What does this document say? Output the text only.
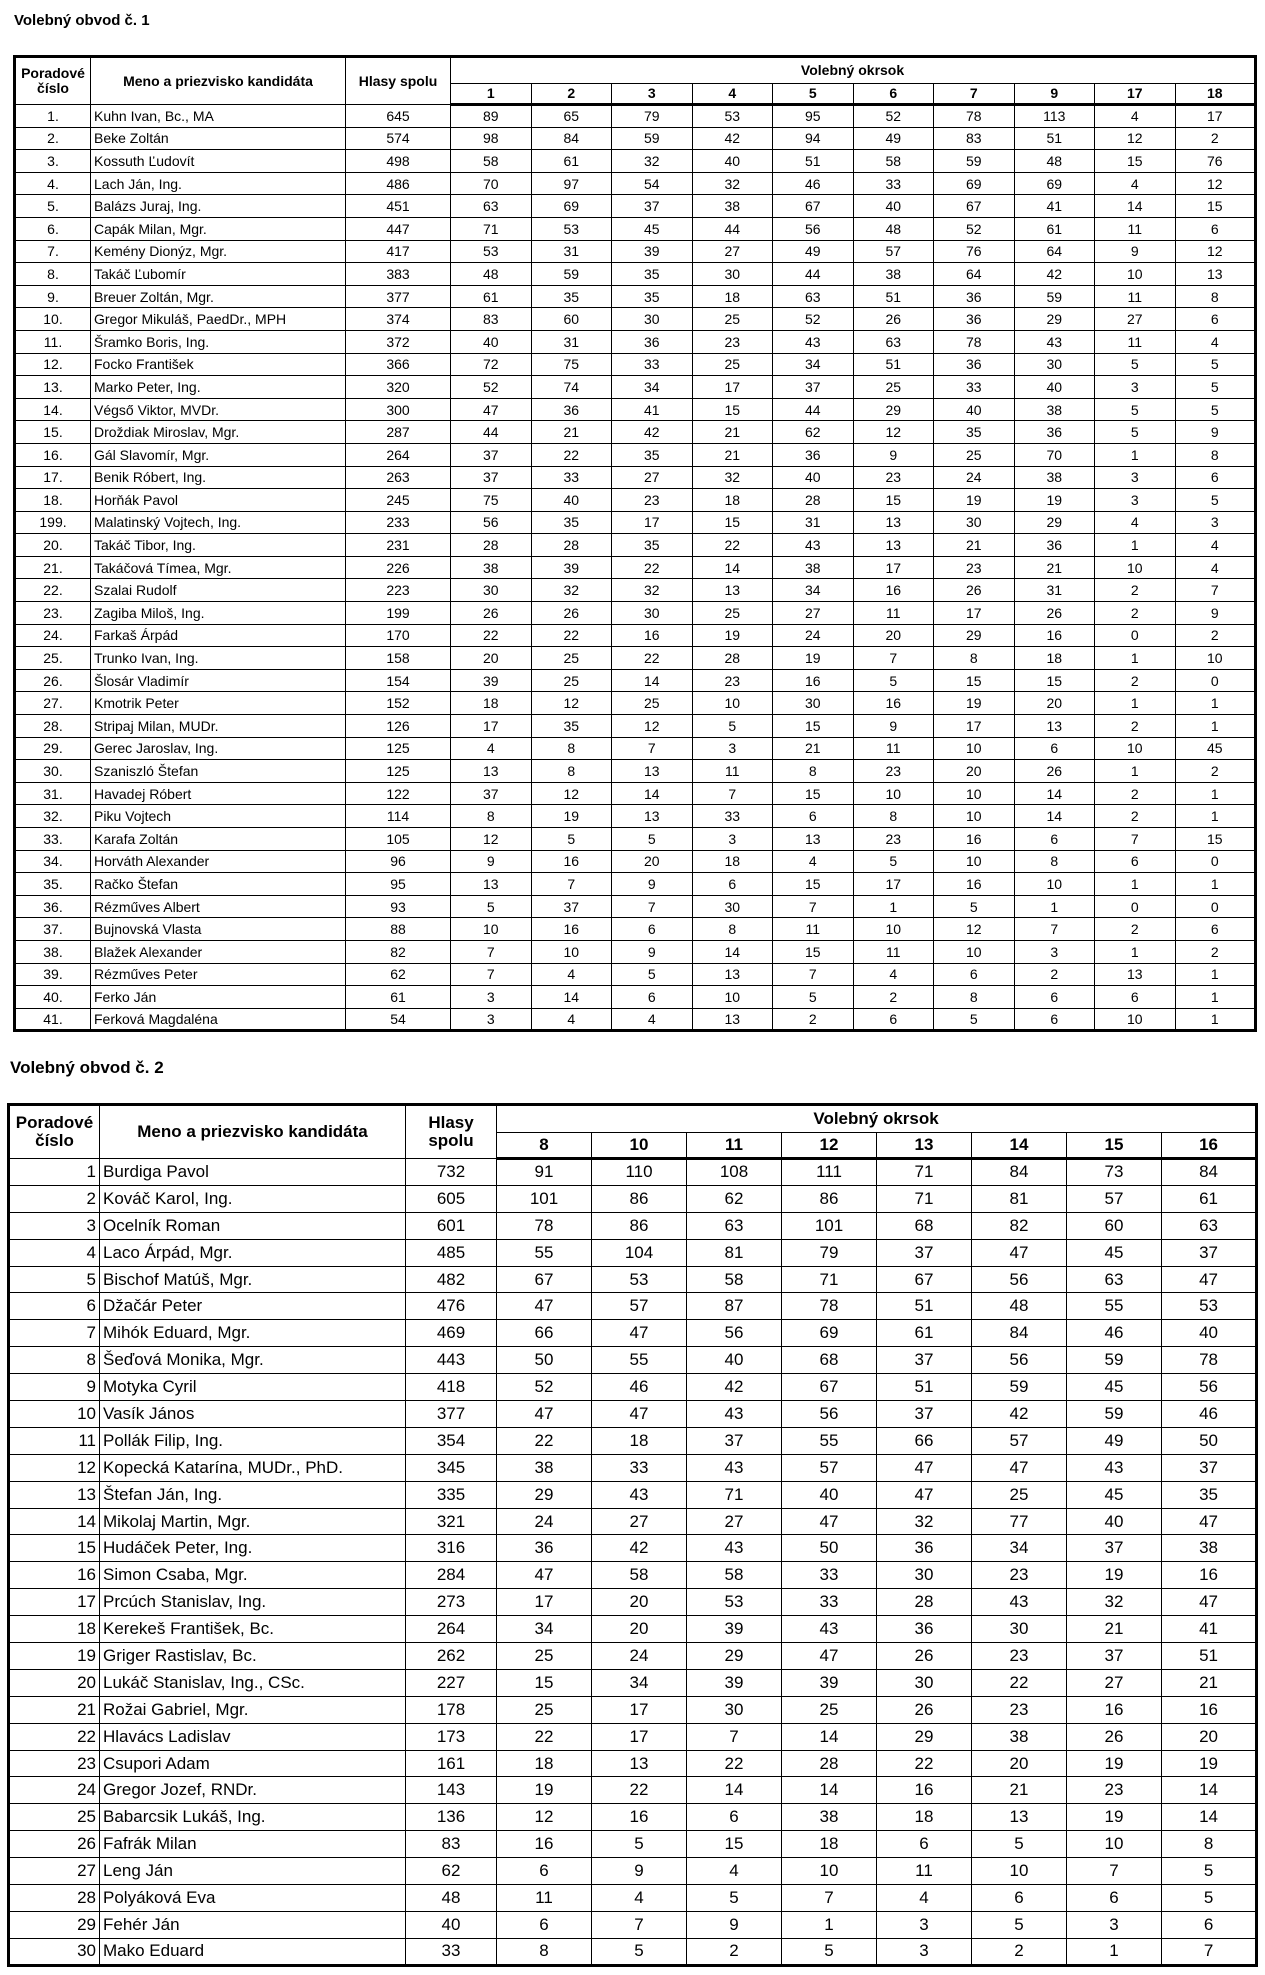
Volebný obvod č. 1
Poradové číslo	Meno a priezvisko kandidáta	Hlasy spolu	Volebný okrsok									
			1	2	3	4	5	6	7	9	17	18
1.	Kuhn Ivan, Bc., MA	645	89	65	79	53	95	52	78	113	4	17
2.	Beke Zoltán	574	98	84	59	42	94	49	83	51	12	2
3.	Kossuth Ľudovít	498	58	61	32	40	51	58	59	48	15	76
4.	Lach Ján, Ing.	486	70	97	54	32	46	33	69	69	4	12
5.	Balázs Juraj, Ing.	451	63	69	37	38	67	40	67	41	14	15
6.	Capák Milan, Mgr.	447	71	53	45	44	56	48	52	61	11	6
7.	Kemény Dionýz, Mgr.	417	53	31	39	27	49	57	76	64	9	12
8.	Takáč Ľubomír	383	48	59	35	30	44	38	64	42	10	13
9.	Breuer Zoltán, Mgr.	377	61	35	35	18	63	51	36	59	11	8
10.	Gregor Mikuláš, PaedDr., MPH	374	83	60	30	25	52	26	36	29	27	6
11.	Šramko Boris, Ing.	372	40	31	36	23	43	63	78	43	11	4
12.	Focko František	366	72	75	33	25	34	51	36	30	5	5
13.	Marko Peter, Ing.	320	52	74	34	17	37	25	33	40	3	5
14.	Végső Viktor, MVDr.	300	47	36	41	15	44	29	40	38	5	5
15.	Droždiak Miroslav, Mgr.	287	44	21	42	21	62	12	35	36	5	9
16.	Gál Slavomír, Mgr.	264	37	22	35	21	36	9	25	70	1	8
17.	Benik Róbert, Ing.	263	37	33	27	32	40	23	24	38	3	6
18.	Horňák Pavol	245	75	40	23	18	28	15	19	19	3	5
199.	Malatinský Vojtech, Ing.	233	56	35	17	15	31	13	30	29	4	3
20.	Takáč Tibor, Ing.	231	28	28	35	22	43	13	21	36	1	4
21.	Takáčová Tímea, Mgr.	226	38	39	22	14	38	17	23	21	10	4
22.	Szalai Rudolf	223	30	32	32	13	34	16	26	31	2	7
23.	Zagiba Miloš, Ing.	199	26	26	30	25	27	11	17	26	2	9
24.	Farkaš Árpád	170	22	22	16	19	24	20	29	16	0	2
25.	Trunko Ivan, Ing.	158	20	25	22	28	19	7	8	18	1	10
26.	Šlosár Vladimír	154	39	25	14	23	16	5	15	15	2	0
27.	Kmotrik Peter	152	18	12	25	10	30	16	19	20	1	1
28.	Stripaj Milan, MUDr.	126	17	35	12	5	15	9	17	13	2	1
29.	Gerec Jaroslav, Ing.	125	4	8	7	3	21	11	10	6	10	45
30.	Szaniszló Štefan	125	13	8	13	11	8	23	20	26	1	2
31.	Havadej Róbert	122	37	12	14	7	15	10	10	14	2	1
32.	Piku Vojtech	114	8	19	13	33	6	8	10	14	2	1
33.	Karafa Zoltán	105	12	5	5	3	13	23	16	6	7	15
34.	Horváth Alexander	96	9	16	20	18	4	5	10	8	6	0
35.	Račko Štefan	95	13	7	9	6	15	17	16	10	1	1
36.	Rézműves Albert	93	5	37	7	30	7	1	5	1	0	0
37.	Bujnovská Vlasta	88	10	16	6	8	11	10	12	7	2	6
38.	Blažek Alexander	82	7	10	9	14	15	11	10	3	1	2
39.	Rézműves Peter	62	7	4	5	13	7	4	6	2	13	1
40.	Ferko Ján	61	3	14	6	10	5	2	8	6	6	1
41.	Ferková Magdaléna	54	3	4	4	13	2	6	5	6	10	1
Volebný obvod č. 2
Poradové číslo	Meno a priezvisko kandidáta	Hlasy spolu	Volebný okrsok							
			8	10	11	12	13	14	15	16
1	Burdiga Pavol	732	91	110	108	111	71	84	73	84
2	Kováč Karol, Ing.	605	101	86	62	86	71	81	57	61
3	Ocelník Roman	601	78	86	63	101	68	82	60	63
4	Laco Árpád, Mgr.	485	55	104	81	79	37	47	45	37
5	Bischof Matúš, Mgr.	482	67	53	58	71	67	56	63	47
6	Džačár Peter	476	47	57	87	78	51	48	55	53
7	Mihók Eduard, Mgr.	469	66	47	56	69	61	84	46	40
8	Šeďová Monika, Mgr.	443	50	55	40	68	37	56	59	78
9	Motyka Cyril	418	52	46	42	67	51	59	45	56
10	Vasík János	377	47	47	43	56	37	42	59	46
11	Pollák Filip, Ing.	354	22	18	37	55	66	57	49	50
12	Kopecká Katarína, MUDr., PhD.	345	38	33	43	57	47	47	43	37
13	Štefan Ján, Ing.	335	29	43	71	40	47	25	45	35
14	Mikolaj Martin, Mgr.	321	24	27	27	47	32	77	40	47
15	Hudáček Peter, Ing.	316	36	42	43	50	36	34	37	38
16	Simon Csaba, Mgr.	284	47	58	58	33	30	23	19	16
17	Prcúch Stanislav, Ing.	273	17	20	53	33	28	43	32	47
18	Kerekeš František, Bc.	264	34	20	39	43	36	30	21	41
19	Griger Rastislav, Bc.	262	25	24	29	47	26	23	37	51
20	Lukáč Stanislav, Ing., CSc.	227	15	34	39	39	30	22	27	21
21	Rožai Gabriel, Mgr.	178	25	17	30	25	26	23	16	16
22	Hlavács Ladislav	173	22	17	7	14	29	38	26	20
23	Csupori Adam	161	18	13	22	28	22	20	19	19
24	Gregor Jozef, RNDr.	143	19	22	14	14	16	21	23	14
25	Babarcsik Lukáš, Ing.	136	12	16	6	38	18	13	19	14
26	Fafrák Milan	83	16	5	15	18	6	5	10	8
27	Leng Ján	62	6	9	4	10	11	10	7	5
28	Polyáková Eva	48	11	4	5	7	4	6	6	5
29	Fehér Ján	40	6	7	9	1	3	5	3	6
30	Mako Eduard	33	8	5	2	5	3	2	1	7
